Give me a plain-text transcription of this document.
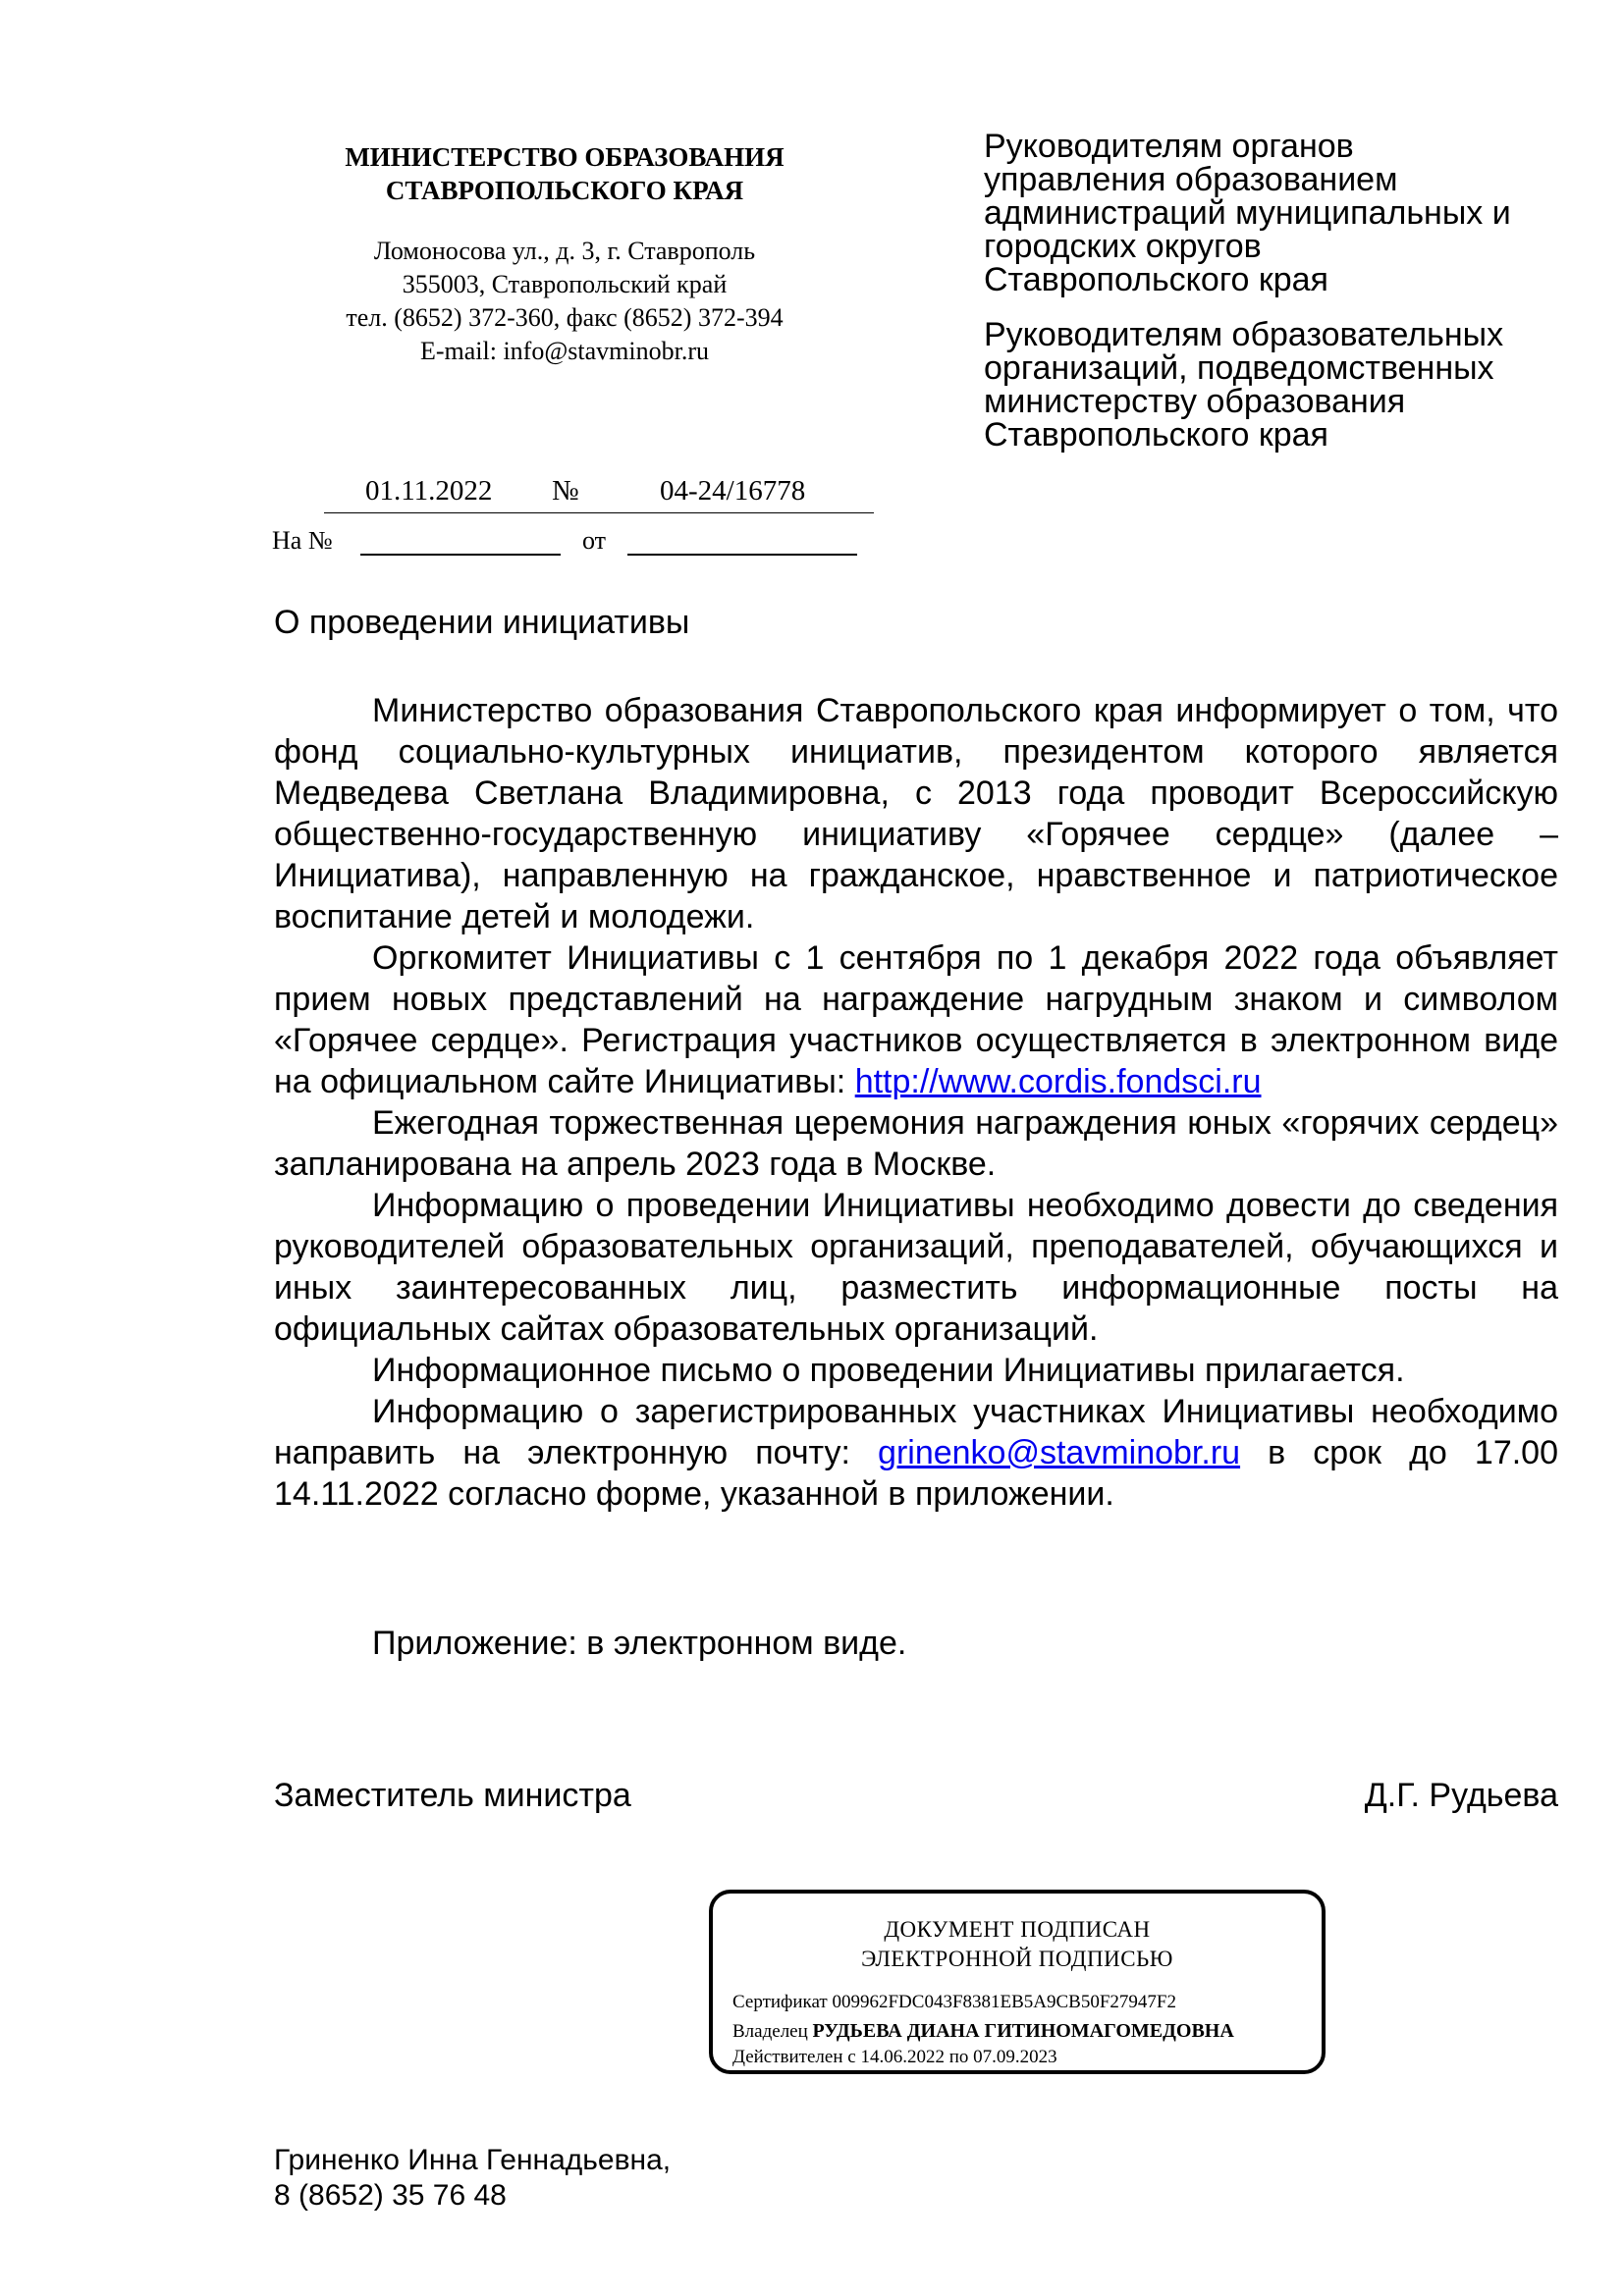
МИНИСТЕРСТВО ОБРАЗОВАНИЯ
СТАВРОПОЛЬСКОГО КРАЯ
Ломоносова ул., д. 3, г. Ставрополь
355003, Ставропольский край
тел. (8652) 372-360, факс (8652) 372-394
E-mail: info@stavminobr.ru
Руководителям органов
управления образованием
администраций муниципальных и
городских округов
Ставропольского края
Руководителям образовательных
организаций, подведомственных
министерству образования
Ставропольского края
01.11.2022 №	04-24/16778
На №	от
О проведении инициативы

Министерство образования Ставропольского края информирует о том, что фонд социально-культурных инициатив, президентом которого является Медведева Светлана Владимировна, с 2013 года проводит Всероссийскую общественно-государственную инициативу «Горячее сердце» (далее – Инициатива), направленную на гражданское, нравственное и патриотическое воспитание детей и молодежи.

Оргкомитет Инициативы с 1 сентября по 1 декабря 2022 года объявляет прием новых представлений на награждение нагрудным знаком и символом «Горячее сердце». Регистрация участников осуществляется в электронном виде на официальном сайте Инициативы: http://www.cordis.fondsci.ru

Ежегодная торжественная церемония награждения юных «горячих сердец» запланирована на апрель 2023 года в Москве.

Информацию о проведении Инициативы необходимо довести до сведения руководителей образовательных организаций, преподавателей, обучающихся и иных заинтересованных лиц, разместить информационные посты на официальных сайтах образовательных организаций.

Информационное письмо о проведении Инициативы прилагается.

Информацию о зарегистрированных участниках Инициативы необходимо направить на электронную почту: grinenko@stavminobr.ru в срок до 17.00 14.11.2022 согласно форме, указанной в приложении.

Приложение: в электронном виде.
Заместитель министра	Д.Г. Рудьева
ДОКУМЕНТ ПОДПИСАН
ЭЛЕКТРОННОЙ ПОДПИСЬЮ
Сертификат 009962FDC043F8381EB5A9CB50F27947F2
Владелец РУДЬЕВА ДИАНА ГИТИНОМАГОМЕДОВНА
Действителен с 14.06.2022 по 07.09.2023
Гриненко Инна Геннадьевна,
8 (8652) 35 76 48
